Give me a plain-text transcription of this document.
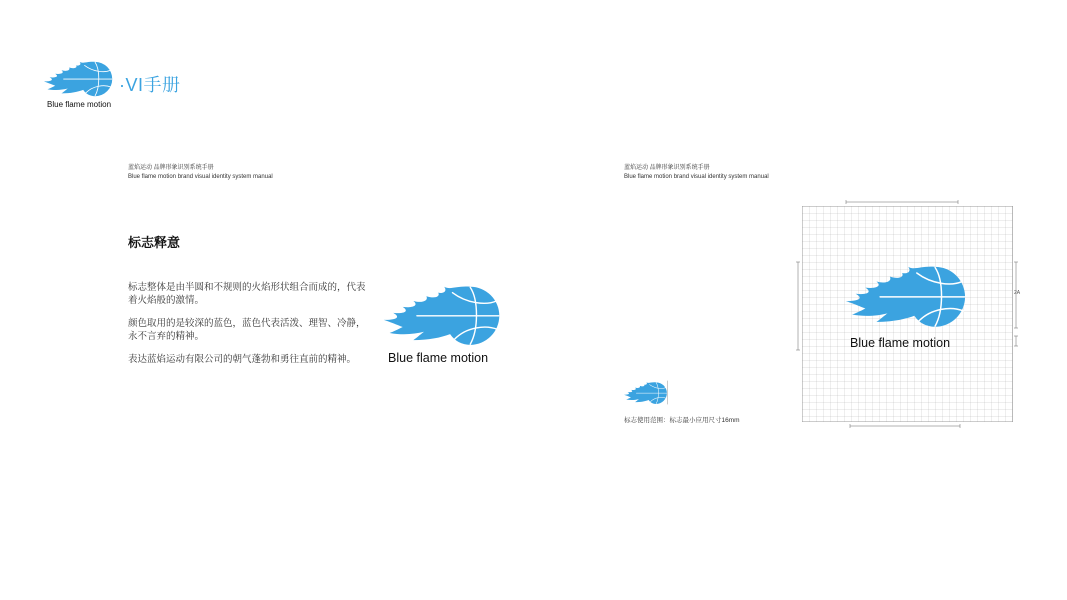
Blue flame motion
·VI手册
蓝焰运动 品牌形象识别系统手册
Blue flame motion brand visual identity system manual
蓝焰运动 品牌形象识别系统手册
Blue flame motion brand visual identity system manual
标志释意

标志整体是由半圆和不规则的火焰形状组合而成的，代表着火焰般的激情。

颜色取用的是较深的蓝色，蓝色代表活泼、理智、冷静，永不言弃的精神。

表达蓝焰运动有限公司的朝气蓬勃和勇往直前的精神。	Blue flame motion
2A
Blue flame motion
标志使用范围：标志最小应用尺寸16mm
